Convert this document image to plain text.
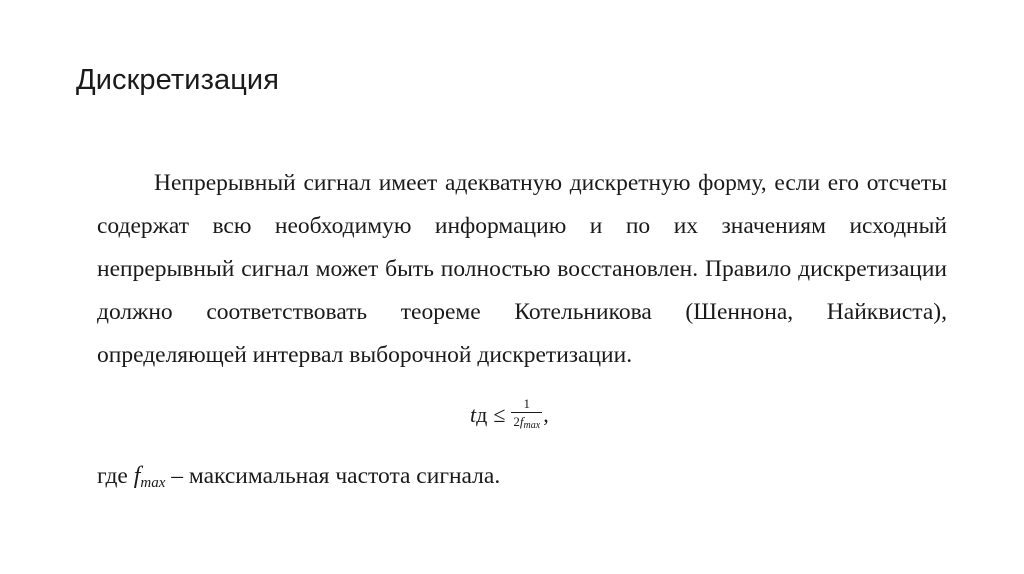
Дискретизация

Непрерывный сигнал имеет адекватную дискретную форму, если его отсчеты содержат всю необходимую информацию и по их значениям исходный непрерывный сигнал может быть полностью восстановлен. Правило дискретизации должно соответствовать теореме Котельникова (Шеннона, Найквиста), определяющей интервал выборочной дискретизации.

t $д \le \frac{1}{2f_{max}}$ ,

где $f_{max}$ – максимальная частота сигнала.
